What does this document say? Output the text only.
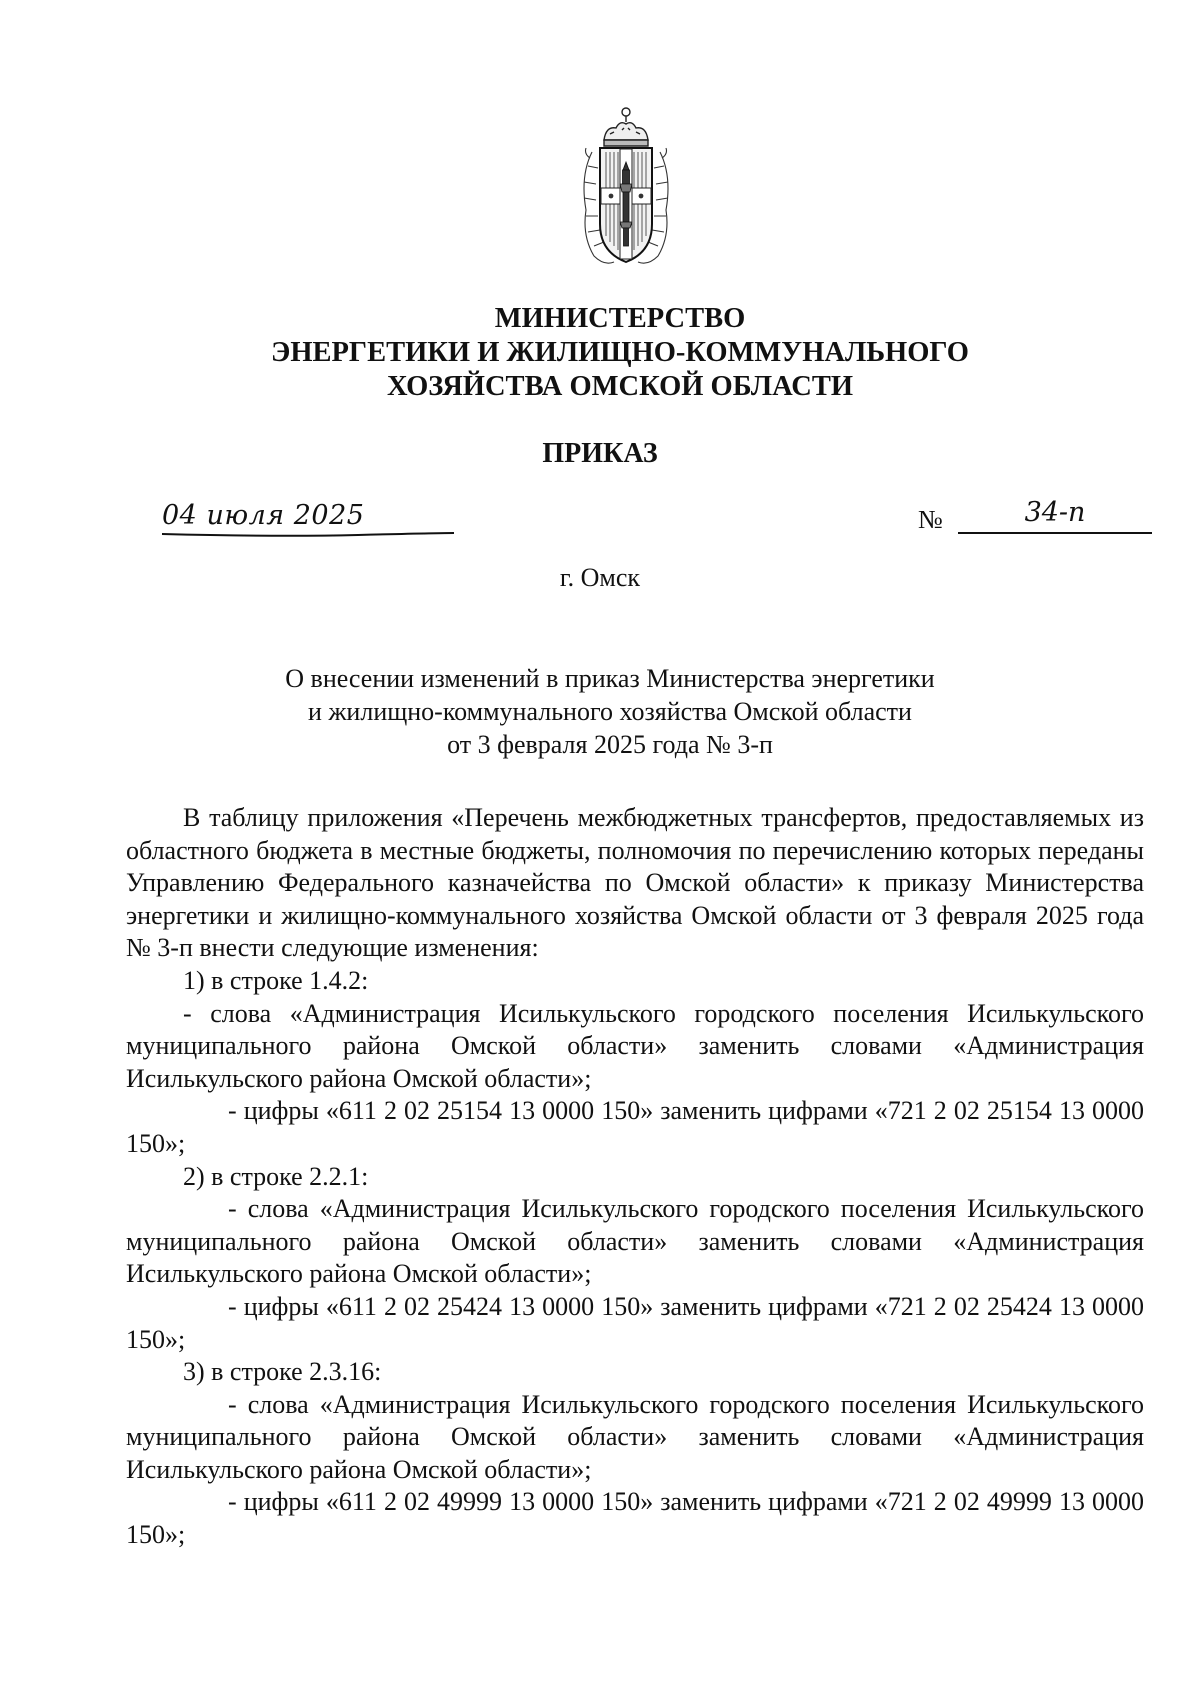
МИНИСТЕРСТВО
ЭНЕРГЕТИКИ И ЖИЛИЩНО-КОММУНАЛЬНОГО
ХОЗЯЙСТВА ОМСКОЙ ОБЛАСТИ
ПРИКАЗ
04 июля 2025	№	34-п
г. Омск
О внесении изменений в приказ Министерства энергетики
и жилищно-коммунального хозяйства Омской области
от 3 февраля 2025 года № 3-п

В таблицу приложения «Перечень межбюджетных трансфертов, предоставляемых из областного бюджета в местные бюджеты, полномочия по перечислению которых переданы Управлению Федерального казначейства по Омской области» к приказу Министерства энергетики и жилищно-коммунального хозяйства Омской области от 3 февраля 2025 года № 3-п внести следующие изменения:

1) в строке 1.4.2:

- слова «Администрация Исилькульского городского поселения Исилькульского муниципального района Омской области» заменить словами «Администрация Исилькульского района Омской области»;

- цифры «611 2 02 25154 13 0000 150» заменить цифрами «721 2 02 25154 13 0000 150»;

2) в строке 2.2.1:

- слова «Администрация Исилькульского городского поселения Исилькульского муниципального района Омской области» заменить словами «Администрация Исилькульского района Омской области»;

- цифры «611 2 02 25424 13 0000 150» заменить цифрами «721 2 02 25424 13 0000 150»;

3) в строке 2.3.16:

- слова «Администрация Исилькульского городского поселения Исилькульского муниципального района Омской области» заменить словами «Администрация Исилькульского района Омской области»;

- цифры «611 2 02 49999 13 0000 150» заменить цифрами «721 2 02 49999 13 0000 150»;
